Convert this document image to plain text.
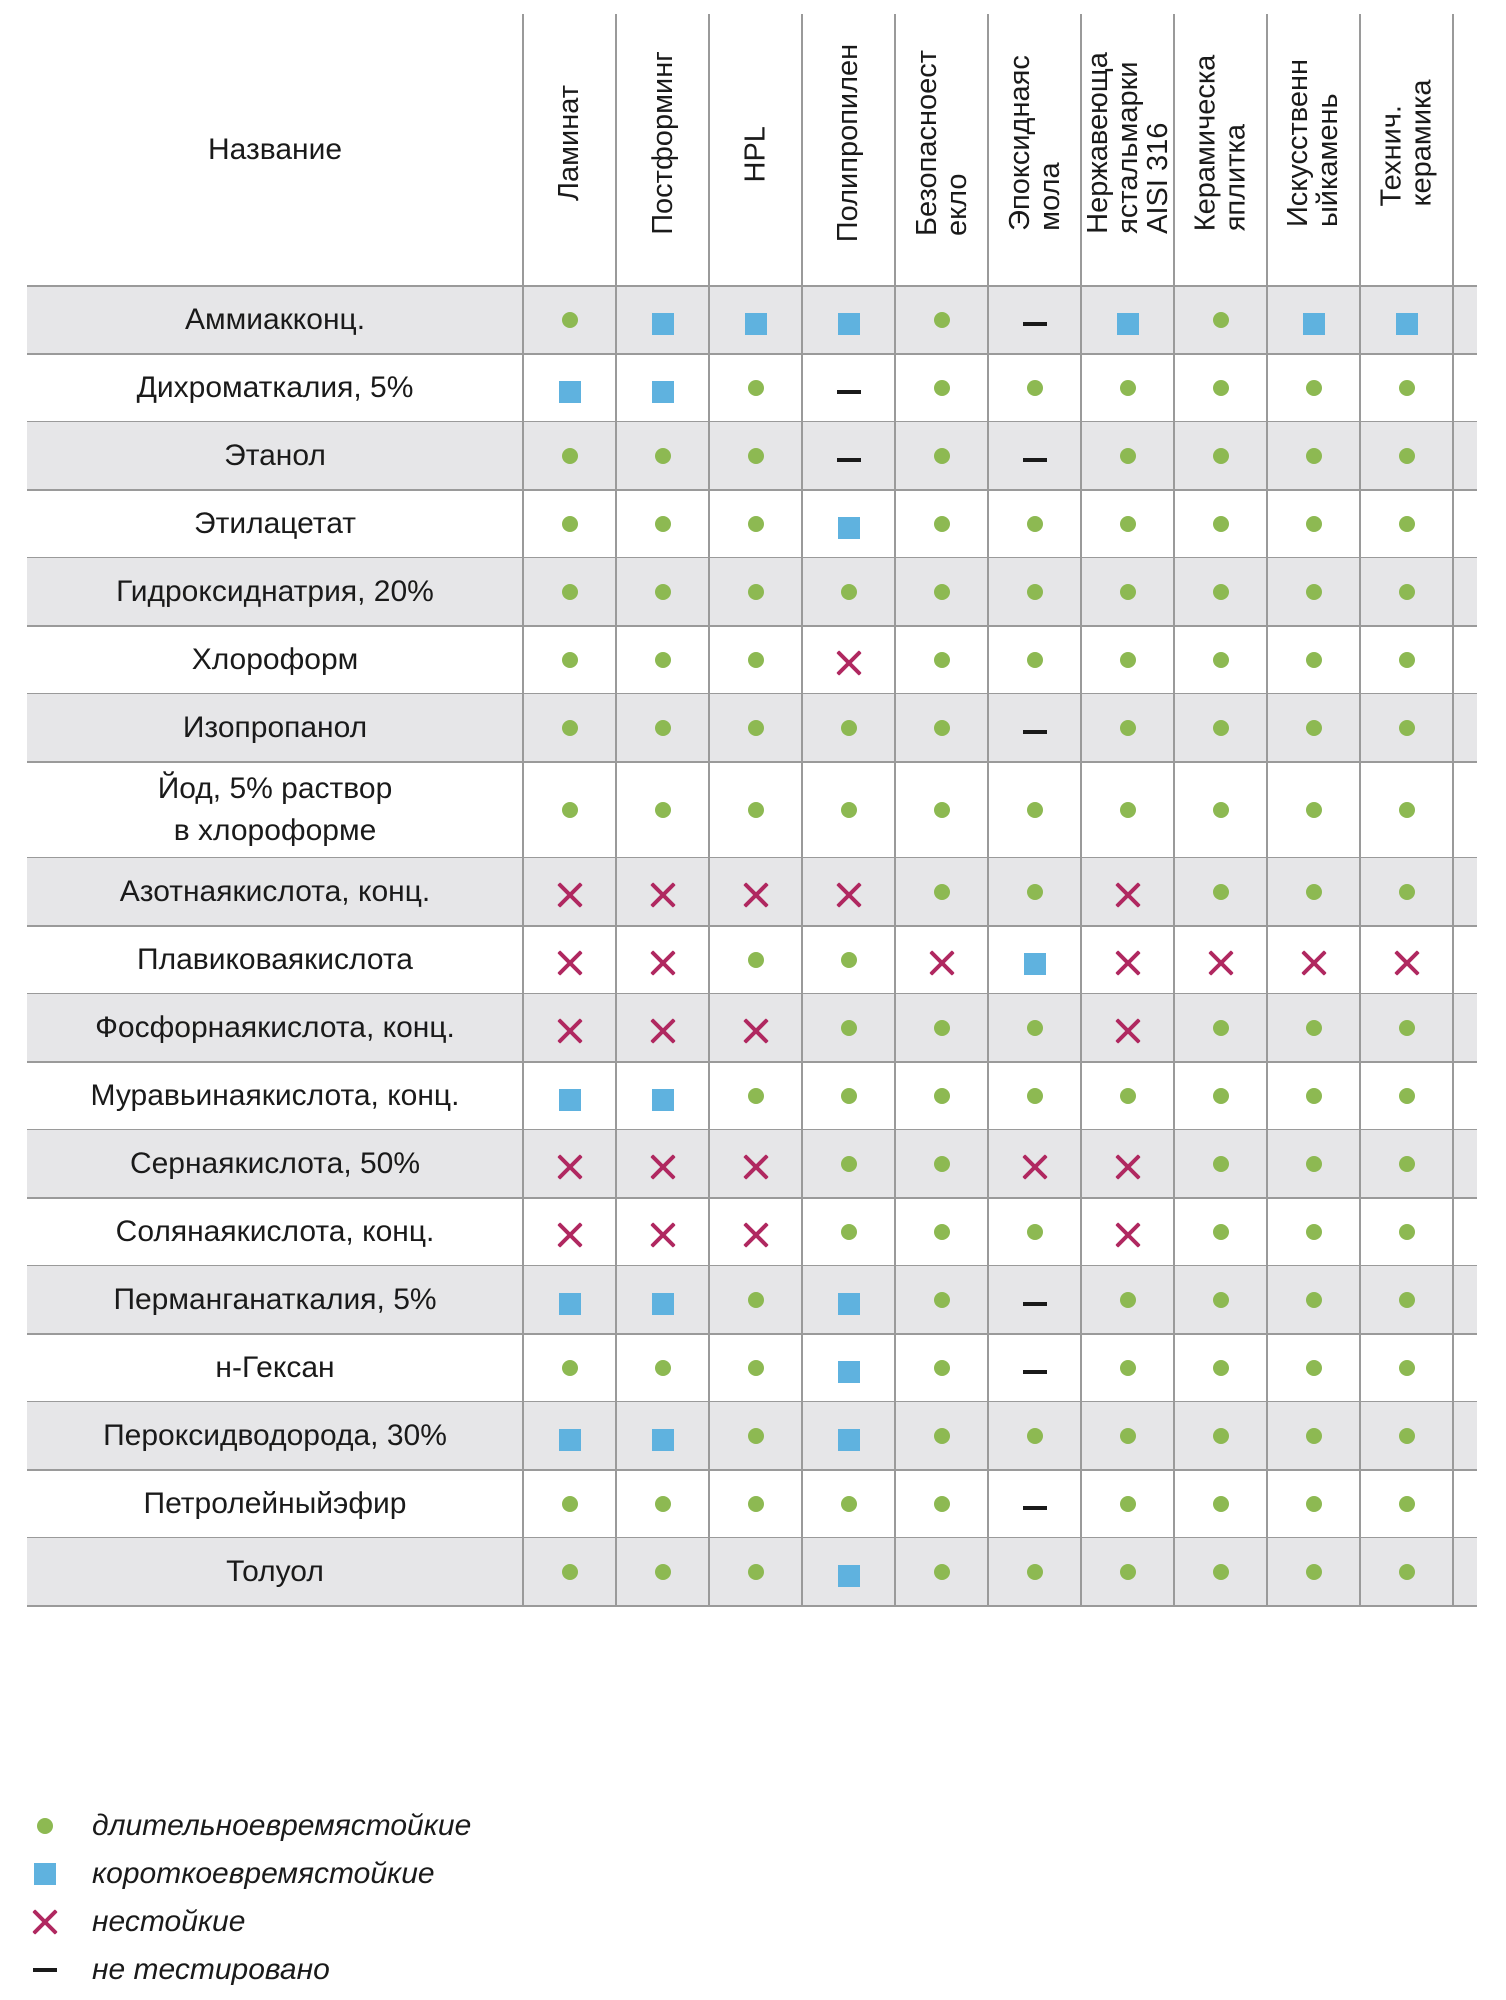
Название	Ламинат Постформинг HPL Полипропилен Безопасноест
екло Эпоксиднаяс
мола Нержавеюща
ястальмарки
AISI 316 Керамическа
яплитка Искусственн
ыйкамень Технич.
керамика
Аммиакконц.
Дихроматкалия, 5%
Этанол
Этилацетат
Гидроксиднатрия, 20%
Хлороформ
Изопропанол
Йод, 5% раствор
в хлороформе
Азотнаякислота, конц.
Плавиковаякислота
Фосфорнаякислота, конц.
Муравьинаякислота, конц.
Сернаякислота, 50%
Солянаякислота, конц.
Перманганаткалия, 5%
н-Гексан
Пероксидводорода, 30%
Петролейныйэфир
Толуол
длительноевремястойкие
короткоевремястойкие
нестойкие
не тестировано
